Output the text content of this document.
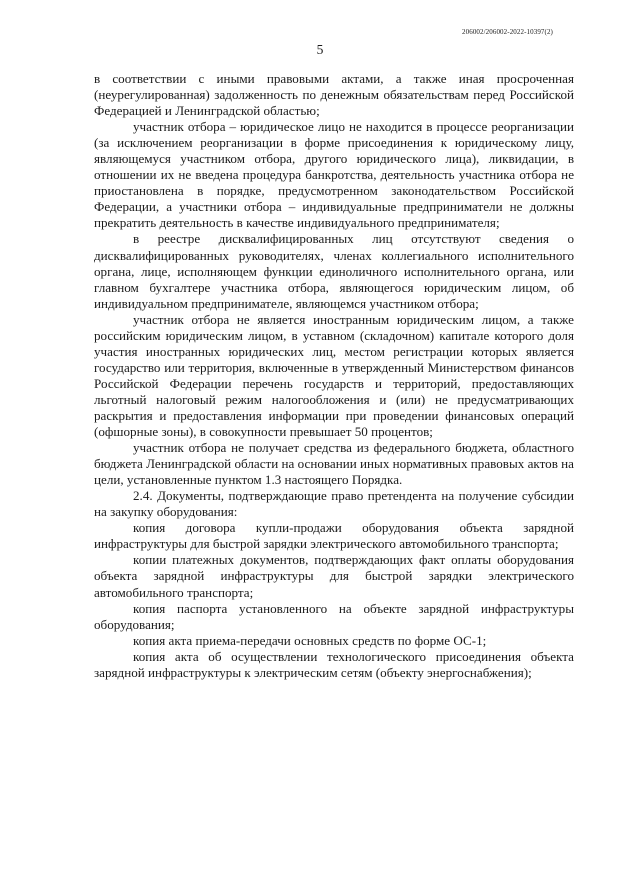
206002/206002-2022-10397(2)
5

в соответствии с иными правовыми актами, а также иная просроченная (неурегулированная) задолженность по денежным обязательствам перед Российской Федерацией и Ленинградской областью;

участник отбора – юридическое лицо не находится в процессе реорганизации (за исключением реорганизации в форме присоединения к юридическому лицу, являющемуся участником отбора, другого юридического лица), ликвидации, в отношении их не введена процедура банкротства, деятельность участника отбора не приостановлена в порядке, предусмотренном законодательством Российской Федерации, а участники отбора – индивидуальные предприниматели не должны прекратить деятельность в качестве индивидуального предпринимателя;

в реестре дисквалифицированных лиц отсутствуют сведения о дисквалифицированных руководителях, членах коллегиального исполнительного органа, лице, исполняющем функции единоличного исполнительного органа, или главном бухгалтере участника отбора, являющегося юридическим лицом, об индивидуальном предпринимателе, являющемся участником отбора;

участник отбора не является иностранным юридическим лицом, а также российским юридическим лицом, в уставном (складочном) капитале которого доля участия иностранных юридических лиц, местом регистрации которых является государство или территория, включенные в утвержденный Министерством финансов Российской Федерации перечень государств и территорий, предоставляющих льготный налоговый режим налогообложения и (или) не предусматривающих раскрытия и предоставления информации при проведении финансовых операций (офшорные зоны), в совокупности превышает 50 процентов;

участник отбора не получает средства из федерального бюджета, областного бюджета Ленинградской области на основании иных нормативных правовых актов на цели, установленные пунктом 1.3 настоящего Порядка.

2.4. Документы, подтверждающие право претендента на получение субсидии на закупку оборудования:

копия договора купли-продажи оборудования объекта зарядной инфраструктуры для быстрой зарядки электрического автомобильного транспорта;

копии платежных документов, подтверждающих факт оплаты оборудования объекта зарядной инфраструктуры для быстрой зарядки электрического автомобильного транспорта;

копия паспорта установленного на объекте зарядной инфраструктуры оборудования;

копия акта приема-передачи основных средств по форме ОС-1;

копия акта об осуществлении технологического присоединения объекта зарядной инфраструктуры к электрическим сетям (объекту энергоснабжения);
